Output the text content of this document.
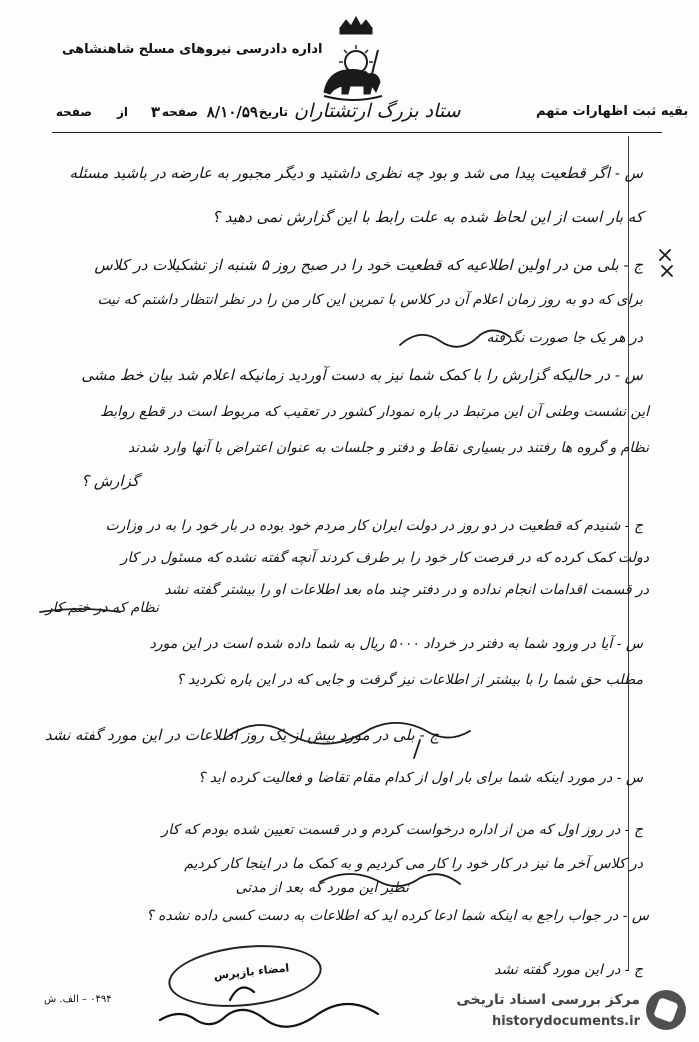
اداره دادرسی نیروهای مسلح شاهنشاهی
بقیه ثبت اظهارات متهم
ستاد بزرگ ارتشتاران
تاریخ
۸/۱۰/۵۹
صفحه
۳
از
صفحه
س - اگر قطعیت پیدا می شد و بود چه نظری داشتید و دیگر مجبور به عارضه در باشید مسئله
که بار است از این لحاظ شده به علت رابط با این گزارش نمی دهید ؟
ج - بلی من در اولین اطلاعیه که قطعیت خود را در صبح روز ۵ شنبه از تشکیلات در کلاس
برای که دو به روز زمان اعلام آن در کلاس با تمرین این کار من را در نظر انتظار داشتم که نیت
در هر یک جا صورت نگرفته
س - در حالیکه گزارش را با کمک شما نیز به دست آوردید زمانیکه اعلام شد بیان خط مشی
این نشست وطنی آن این مرتبط در باره نمودار کشور در تعقیب که مربوط است در قطع روابط
نظام و گروه ها رفتند در بسیاری نقاط و دفتر و جلسات به عنوان اعتراض با آنها وارد شدند
گزارش ؟
ج - شنیدم که قطعیت در دو روز در دولت ایران کار مردم خود بوده در بار خود را به در وزارت
دولت کمک کرده که در فرصت کار خود را بر طرف کردند آنچه گفته نشده که مسئول در کار
در قسمت اقدامات انجام نداده و در دفتر چند ماه بعد اطلاعات او را بیشتر گفته نشد
نظام که در ختم کار
س - آیا در ورود شما به دفتر در خرداد ۵۰۰۰ ریال به شما داده شده است در این مورد
مطلب حق شما را با بیشتر از اطلاعات نیز گرفت و جایی که در این باره نکردید ؟
ج - بلی در مورد بیش از یک روز اطلاعات در این مورد گفته نشد
س - در مورد اینکه شما برای بار اول از کدام مقام تقاضا و فعالیت کرده اید ؟
ج - در روز اول که من از اداره درخواست کردم و در قسمت تعیین شده بودم که کار
در کلاس آخر ما نیز در کار خود را کار می کردیم و به کمک ما در اینجا کار کردیم
نظیر این مورد که بعد از مدتی
س - در جواب راجع به اینکه شما ادعا کرده اید که اطلاعات به دست کسی داده نشده ؟
ج - در این مورد گفته نشد
امضاء بازپرس
۰۴۹۴ – الف. ش	مرکز بررسی اسناد تاریخی
historydocuments.ir
